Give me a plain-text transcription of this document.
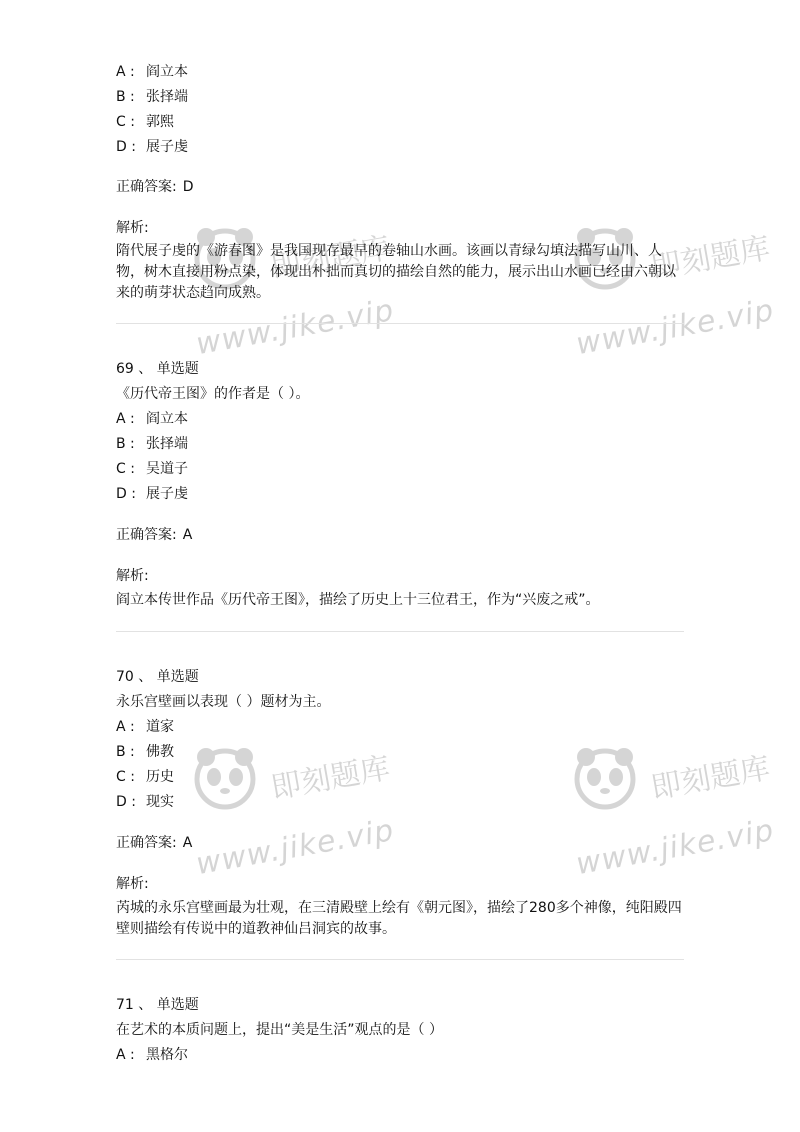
即刻题库
www.jike.vip
即刻题库
www.jike.vip
即刻题库
www.jike.vip
即刻题库
www.jike.vip
A : 阎立本
B : 张择端
C : 郭熙
D : 展子虔
正确答案: D
解析:
隋代展子虔的《游春图》是我国现存最早的卷轴山水画。该画以青绿勾填法描写山川、人物，树木直接用粉点染，体现出朴拙而真切的描绘自然的能力，展示出山水画已经由六朝以来的萌芽状态趋向成熟。
69 、 单选题
《历代帝王图》的作者是（ ）。
A : 阎立本
B : 张择端
C : 吴道子
D : 展子虔
正确答案: A
解析:
阎立本传世作品《历代帝王图》，描绘了历史上十三位君王，作为“兴废之戒”。
70 、 单选题
永乐宫壁画以表现（ ）题材为主。
A : 道家
B : 佛教
C : 历史
D : 现实
正确答案: A
解析:
芮城的永乐宫壁画最为壮观，在三清殿壁上绘有《朝元图》，描绘了280多个神像，纯阳殿四壁则描绘有传说中的道教神仙吕洞宾的故事。
71 、 单选题
在艺术的本质问题上，提出“美是生活”观点的是（ ）
A : 黑格尔
